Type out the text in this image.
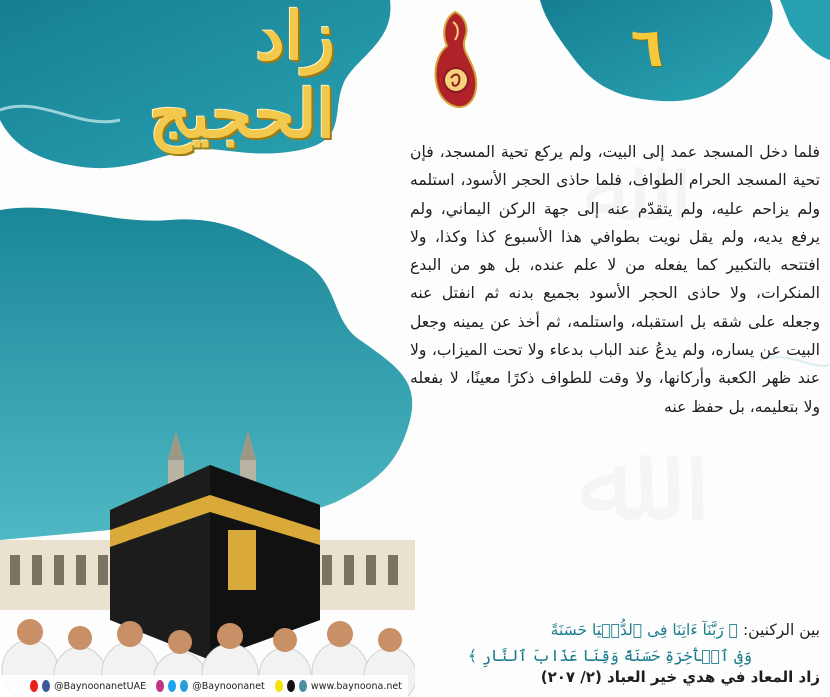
ﷲ
ﷲ
زاد الحجيج
٦

فلما دخل المسجد عمد إلى البيت، ولم يركع تحية المسجد، فإن تحية المسجد الحرام الطواف، فلما حاذى الحجر الأسود، استلمه ولم يزاحم عليه، ولم يتقدّم عنه إلى جهة الركن اليماني، ولم يرفع يديه، ولم يقل نويت بطوافي هذا الأسبوع كذا وكذا، ولا افتتحه بالتكبير كما يفعله من لا علم عنده، بل هو من البدع المنكرات، ولا حاذى الحجر الأسود بجميع بدنه ثم انفتل عنه وجعله على شقه بل استقبله، واستلمه، ثم أخذ عن يمينه وجعل البيت عن يساره، ولم يدعُ عند الباب بدعاء ولا تحت الميزاب، ولا عند ظهر الكعبة وأركانها، ولا وقت للطواف ذكرًا معينًا، لا بفعله ولا بتعليمه، بل حفظ عنه

بين الركنين: ﴿ رَبَّنَآ ءَاتِنَا فِى ٱلدُّنۡيَا حَسَنَةً
وَفِى ٱلۡأٓخِرَةِ حَسَنَةً وَقِنَا عَذَابَ ٱلنَّارِ ﴾
زاد المعاد في هدي خير العباد (٢/ ٢٠٧)
@BaynoonanetUAE	@Baynoonanet	www.baynoona.net
